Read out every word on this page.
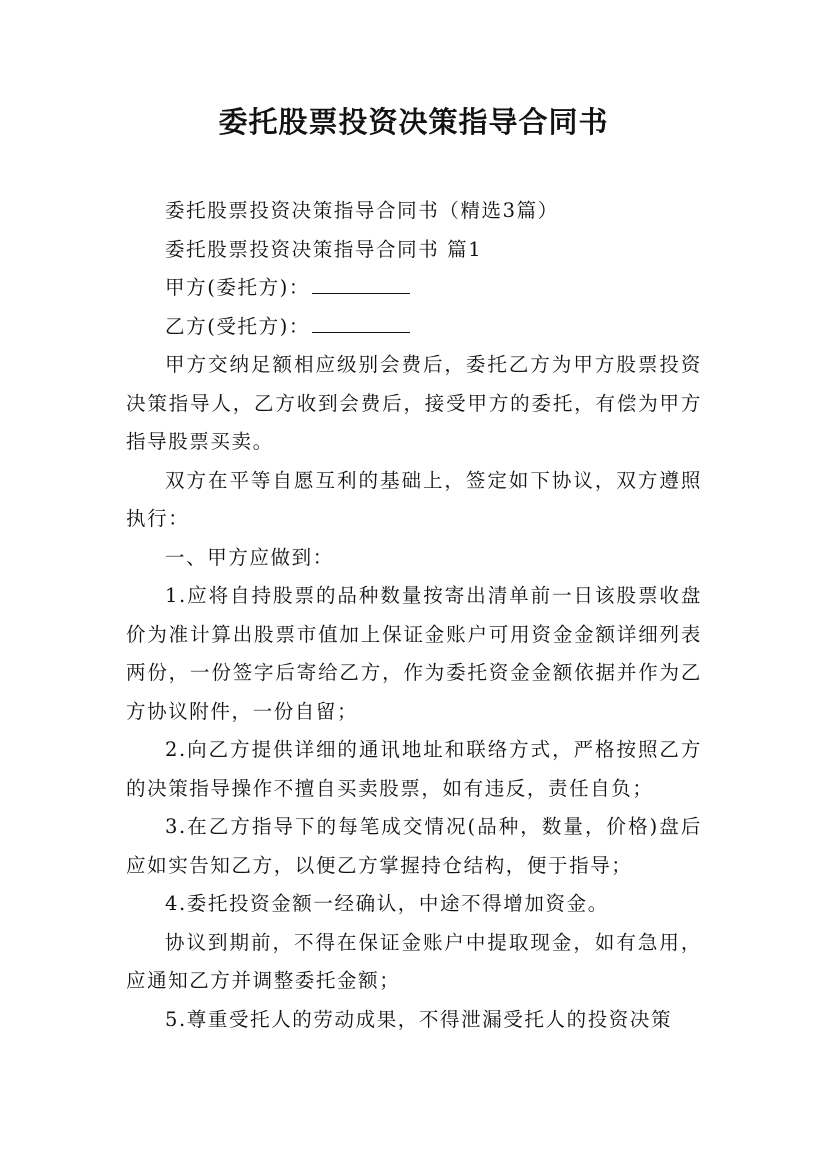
委托股票投资决策指导合同书

委托股票投资决策指导合同书（精选3篇）

委托股票投资决策指导合同书 篇1

甲方(委托方)：

乙方(受托方)：

甲方交纳足额相应级别会费后，委托乙方为甲方股票投资决策指导人，乙方收到会费后，接受甲方的委托，有偿为甲方指导股票买卖。

双方在平等自愿互利的基础上，签定如下协议，双方遵照执行：

一、甲方应做到：

1.应将自持股票的品种数量按寄出清单前一日该股票收盘价为准计算出股票市值加上保证金账户可用资金金额详细列表两份，一份签字后寄给乙方，作为委托资金金额依据并作为乙方协议附件，一份自留；

2.向乙方提供详细的通讯地址和联络方式，严格按照乙方的决策指导操作不擅自买卖股票，如有违反，责任自负；

3.在乙方指导下的每笔成交情况(品种，数量，价格)盘后应如实告知乙方，以便乙方掌握持仓结构，便于指导；

4.委托投资金额一经确认，中途不得增加资金。

协议到期前，不得在保证金账户中提取现金，如有急用，应通知乙方并调整委托金额；

5.尊重受托人的劳动成果，不得泄漏受托人的投资决策
